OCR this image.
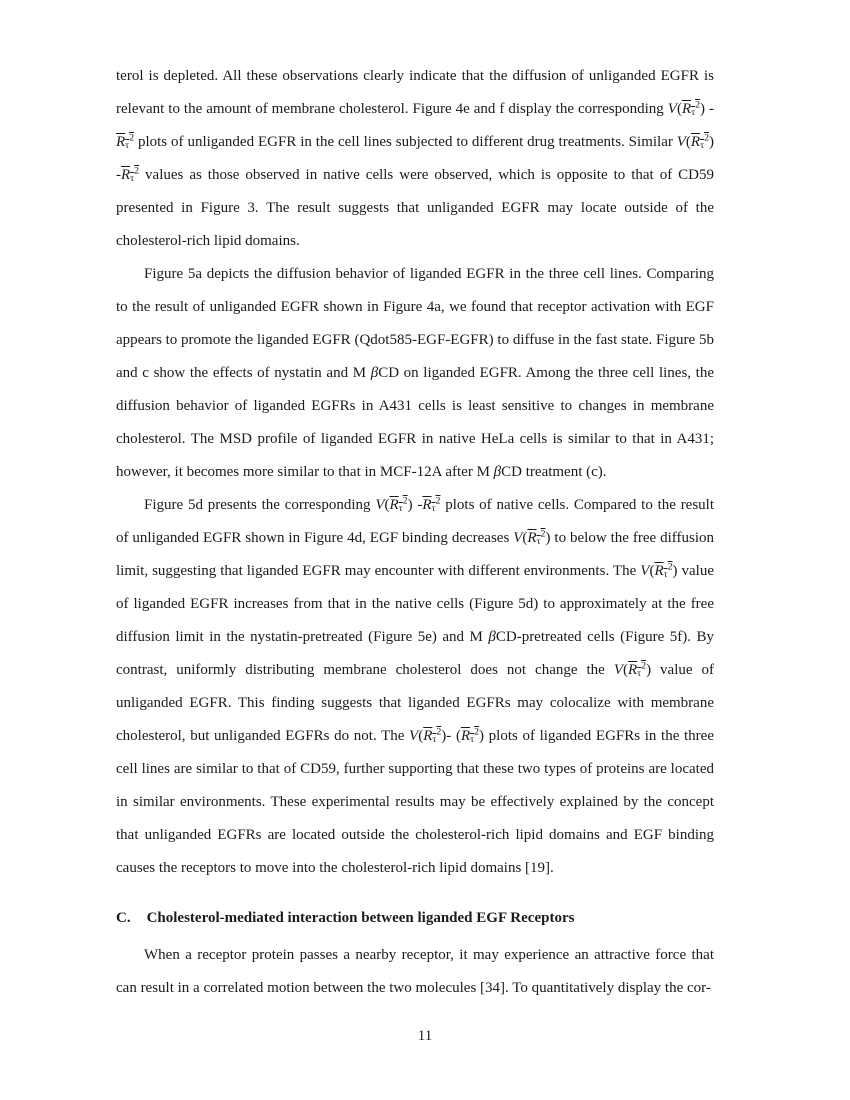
terol is depleted. All these observations clearly indicate that the diffusion of unliganded EGFR is relevant to the amount of membrane cholesterol. Figure 4e and f display the corresponding $V(R_\tau^2)$ $-R_\tau^2$ plots of unliganded EGFR in the cell lines subjected to different drug treatments. Similar $V(R_\tau^2)$ $-R_\tau^2$ values as those observed in native cells were observed, which is opposite to that of CD59 presented in Figure 3. The result suggests that unliganded EGFR may locate outside of the cholesterol-rich lipid domains.

Figure 5a depicts the diffusion behavior of liganded EGFR in the three cell lines. Comparing to the result of unliganded EGFR shown in Figure 4a, we found that receptor activation with EGF appears to promote the liganded EGFR (Qdot585-EGF-EGFR) to diffuse in the fast state. Figure 5b and c show the effects of nystatin and M βCD on liganded EGFR. Among the three cell lines, the diffusion behavior of liganded EGFRs in A431 cells is least sensitive to changes in membrane cholesterol. The MSD profile of liganded EGFR in native HeLa cells is similar to that in A431; however, it becomes more similar to that in MCF-12A after M βCD treatment (c).

Figure 5d presents the corresponding $V(R_\tau^2)$ $-R_\tau^2$ plots of native cells. Compared to the result of unliganded EGFR shown in Figure 4d, EGF binding decreases $V(R_\tau^2)$ to below the free diffusion limit, suggesting that liganded EGFR may encounter with different environments. The $V(R_\tau^2)$ value of liganded EGFR increases from that in the native cells (Figure 5d) to approximately at the free diffusion limit in the nystatin-pretreated (Figure 5e) and M βCD-pretreated cells (Figure 5f). By contrast, uniformly distributing membrane cholesterol does not change the $V(R_\tau^2)$ value of unliganded EGFR. This finding suggests that liganded EGFRs may colocalize with membrane cholesterol, but unliganded EGFRs do not. The $V(R_\tau^2)-$ $(R_\tau^2)$ plots of liganded EGFRs in the three cell lines are similar to that of CD59, further supporting that these two types of proteins are located in similar environments. These experimental results may be effectively explained by the concept that unliganded EGFRs are located outside the cholesterol-rich lipid domains and EGF binding causes the receptors to move into the cholesterol-rich lipid domains [19].

C. Cholesterol-mediated interaction between liganded EGF Receptors

When a receptor protein passes a nearby receptor, it may experience an attractive force that can result in a correlated motion between the two molecules [34]. To quantitatively display the cor-

11
